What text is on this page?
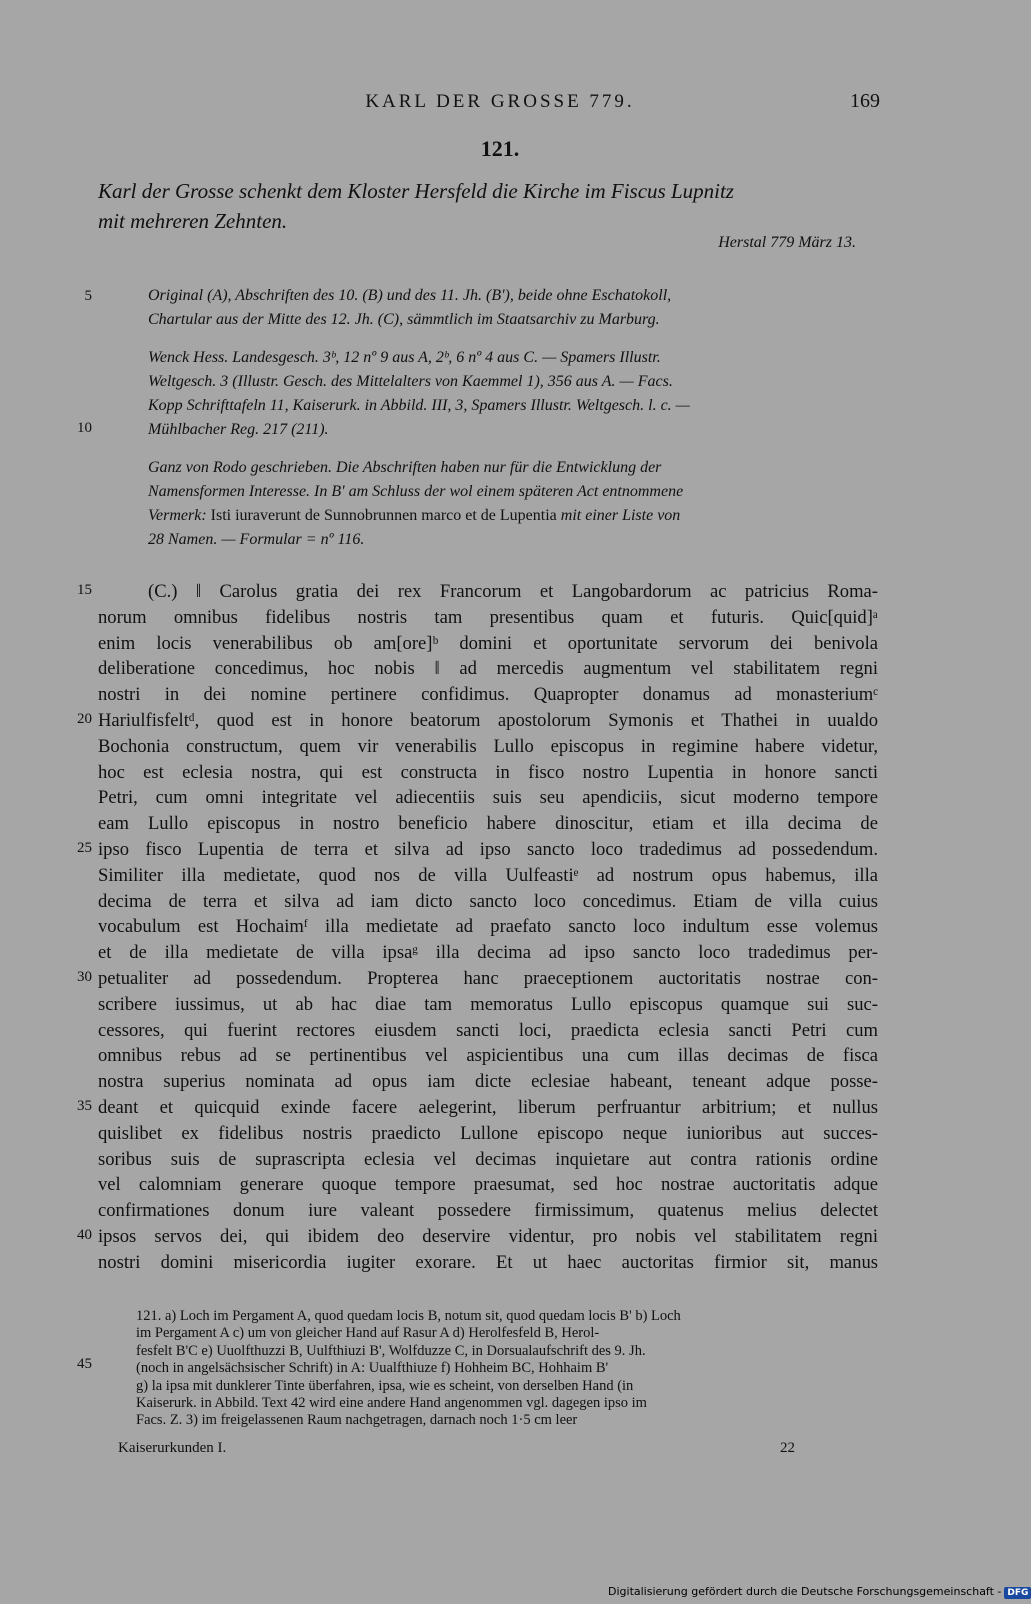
KARL DER GROSSE 779.	169
121.
Karl der Grosse schenkt dem Kloster Hersfeld die Kirche im Fiscus Lupnitz
mit mehreren Zehnten.
Herstal 779 März 13.
5	Original (A), Abschriften des 10. (B) und des 11. Jh. (B'), beide ohne Eschatokoll,
Chartular aus der Mitte des 12. Jh. (C), sämmtlich im Staatsarchiv zu Marburg.
Wenck Hess. Landesgesch. 3ᵇ, 12 nº 9 aus A, 2ᵇ, 6 nº 4 aus C. — Spamers Illustr.
Weltgesch. 3 (Illustr. Gesch. des Mittelalters von Kaemmel 1), 356 aus A. — Facs.
Kopp Schrifttafeln 11, Kaiserurk. in Abbild. III, 3, Spamers Illustr. Weltgesch. l. c. —
Mühlbacher Reg. 217 (211).
10
Ganz von Rodo geschrieben. Die Abschriften haben nur für die Entwicklung der
Namensformen Interesse. In B' am Schluss der wol einem späteren Act entnommene
Vermerk: Isti iuraverunt de Sunnobrunnen marco et de Lupentia mit einer Liste von
28 Namen. — Formular = nº 116.
15
20
25
30
35
40
45
(C.) ‖ Carolus gratia dei rex Francorum et Langobardorum ac patricius Roma-
norum omnibus fidelibus nostris tam presentibus quam et futuris. Quic[quid]ᵃ
enim locis venerabilibus ob am[ore]ᵇ domini et oportunitate servorum dei benivola
deliberatione concedimus, hoc nobis ‖ ad mercedis augmentum vel stabilitatem regni
nostri in dei nomine pertinere confidimus. Quapropter donamus ad monasteriumᶜ
Hariulfisfeltᵈ, quod est in honore beatorum apostolorum Symonis et Thathei in uualdo
Bochonia constructum, quem vir venerabilis Lullo episcopus in regimine habere videtur,
hoc est eclesia nostra, qui est constructa in fisco nostro Lupentia in honore sancti
Petri, cum omni integritate vel adiecentiis suis seu apendiciis, sicut moderno tempore
eam Lullo episcopus in nostro beneficio habere dinoscitur, etiam et illa decima de
ipso fisco Lupentia de terra et silva ad ipso sancto loco tradedimus ad possedendum.
Similiter illa medietate, quod nos de villa Uulfeastiᵉ ad nostrum opus habemus, illa
decima de terra et silva ad iam dicto sancto loco concedimus. Etiam de villa cuius
vocabulum est Hochaimᶠ illa medietate ad praefato sancto loco indultum esse volemus
et de illa medietate de villa ipsaᵍ illa decima ad ipso sancto loco tradedimus per-
petualiter ad possedendum. Propterea hanc praeceptionem auctoritatis nostrae con-
scribere iussimus, ut ab hac diae tam memoratus Lullo episcopus quamque sui suc-
cessores, qui fuerint rectores eiusdem sancti loci, praedicta eclesia sancti Petri cum
omnibus rebus ad se pertinentibus vel aspicientibus una cum illas decimas de fisca
nostra superius nominata ad opus iam dicte eclesiae habeant, teneant adque posse-
deant et quicquid exinde facere aelegerint, liberum perfruantur arbitrium; et nullus
quislibet ex fidelibus nostris praedicto Lullone episcopo neque iunioribus aut succes-
soribus suis de suprascripta eclesia vel decimas inquietare aut contra rationis ordine
vel calomniam generare quoque tempore praesumat, sed hoc nostrae auctoritatis adque
confirmationes donum iure valeant possedere firmissimum, quatenus melius delectet
ipsos servos dei, qui ibidem deo deservire videntur, pro nobis vel stabilitatem regni
nostri domini misericordia iugiter exorare. Et ut haec auctoritas firmior sit, manus
121. a) Loch im Pergament A, quod quedam locis B, notum sit, quod quedam locis B' b) Loch
im Pergament A c) um von gleicher Hand auf Rasur A d) Herolfesfeld B, Herol-
fesfelt B'C e) Uuolfthuzzi B, Uulfthiuzi B', Wolfduzze C, in Dorsualaufschrift des 9. Jh.
(noch in angelsächsischer Schrift) in A: Uualfthiuze f) Hohheim BC, Hohhaim B'
g) la ipsa mit dunklerer Tinte überfahren, ipsa, wie es scheint, von derselben Hand (in
Kaiserurk. in Abbild. Text 42 wird eine andere Hand angenommen vgl. dagegen ipso im
Facs. Z. 3) im freigelassenen Raum nachgetragen, darnach noch 1·5 cm leer
Kaiserurkunden I.	22
Digitalisierung gefördert durch die Deutsche Forschungsgemeinschaft - DFG
